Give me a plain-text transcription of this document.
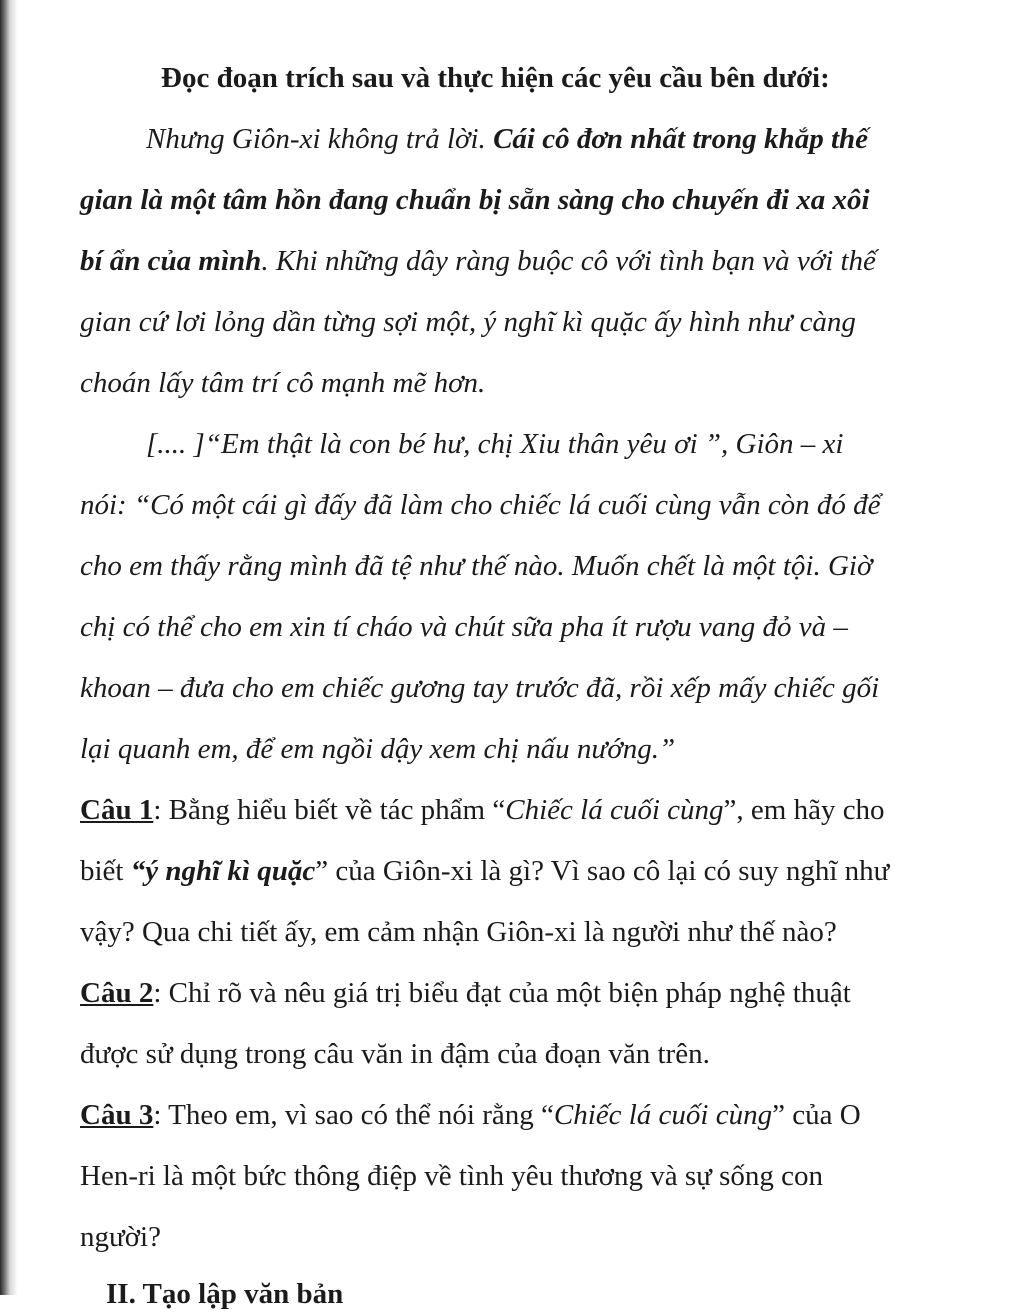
Đọc đoạn trích sau và thực hiện các yêu cầu bên dưới:
Nhưng Giôn-xi không trả lời. Cái cô đơn nhất trong khắp thế
gian là một tâm hồn đang chuẩn bị sẵn sàng cho chuyến đi xa xôi
bí ẩn của mình. Khi những dây ràng buộc cô với tình bạn và với thế
gian cứ lơi lỏng dần từng sợi một, ý nghĩ kì quặc ấy hình như càng
choán lấy tâm trí cô mạnh mẽ hơn.
[.... ]“Em thật là con bé hư, chị Xiu thân yêu ơi ”, Giôn – xi
nói: “Có một cái gì đấy đã làm cho chiếc lá cuối cùng vẫn còn đó để
cho em thấy rằng mình đã tệ như thế nào. Muốn chết là một tội. Giờ
chị có thể cho em xin tí cháo và chút sữa pha ít rượu vang đỏ và –
khoan – đưa cho em chiếc gương tay trước đã, rồi xếp mấy chiếc gối
lại quanh em, để em ngồi dậy xem chị nấu nướng.”
Câu 1: Bằng hiểu biết về tác phẩm “Chiếc lá cuối cùng”, em hãy cho
biết “ý nghĩ kì quặc” của Giôn-xi là gì? Vì sao cô lại có suy nghĩ như
vậy? Qua chi tiết ấy, em cảm nhận Giôn-xi là người như thế nào?
Câu 2: Chỉ rõ và nêu giá trị biểu đạt của một biện pháp nghệ thuật
được sử dụng trong câu văn in đậm của đoạn văn trên.
Câu 3: Theo em, vì sao có thể nói rằng “Chiếc lá cuối cùng” của O
Hen-ri là một bức thông điệp về tình yêu thương và sự sống con
người?
II. Tạo lập văn bản
